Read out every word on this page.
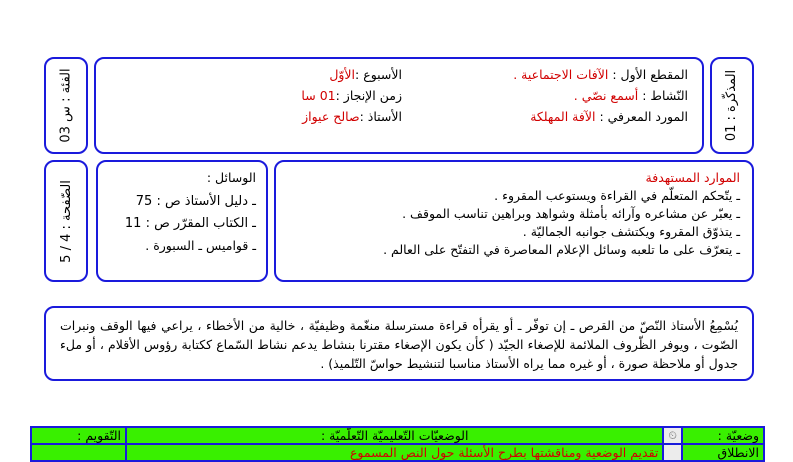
المذكّرة : 01
المقطع الأول : الآفات الاجتماعية .
النّشاط : أسمع نصّي .
المورد المعرفي : الآفة المهلكة
الأسبوع :الأوّل
زمن الإنجاز :01 سا
الأستاذ :صالح عيواز
الفئة : س 03
الموارد المستهدفة
ـ يتّحكم المتعلّم في القراءة ويستوعب المقروء .
ـ يعبّر عن مشاعره وآرائه بأمثلة وشواهد وبراهين تناسب الموقف .
ـ يتذوّق المقروء ويكتشف جوانبه الجماليّة .
ـ يتعرّف على ما تلعبه وسائل الإعلام المعاصرة في التفتّح على العالم .
الوسائل :
ـ دليل الأستاذ ص : 75
ـ الكتاب المقرّر ص : 11
ـ قواميس ـ السبورة .
الصّفحة : 4 / 5
يُسْمِعُ الأستاذ النّصّ من القرص ـ إن توفّر ـ أو يقرأه قراءة مسترسلة منغّمة وظيفيّة ، خالية من الأخطاء ، يراعي فيها الوقف ونبرات الصّوت ، ويوفر الظّروف الملائمة للإصغاء الجيّد ( كأن يكون الإصغاء مقترنا بنشاط يدعم نشاط السّماع ككتابة رؤوس الأقلام ، أو ملء جدول أو ملاحظة صورة ، أو غيره مما يراه الأستاذ مناسبا لتنشيط حواسّ التّلميذ) .
وضعيّة :	⏲	الوضعيّات التّعليميّة التّعلّميّة :	التّقويم :
الانطلاق		تقديم الوضعية ومناقشتها بطرح الأسئلة حول النص المسموع	
